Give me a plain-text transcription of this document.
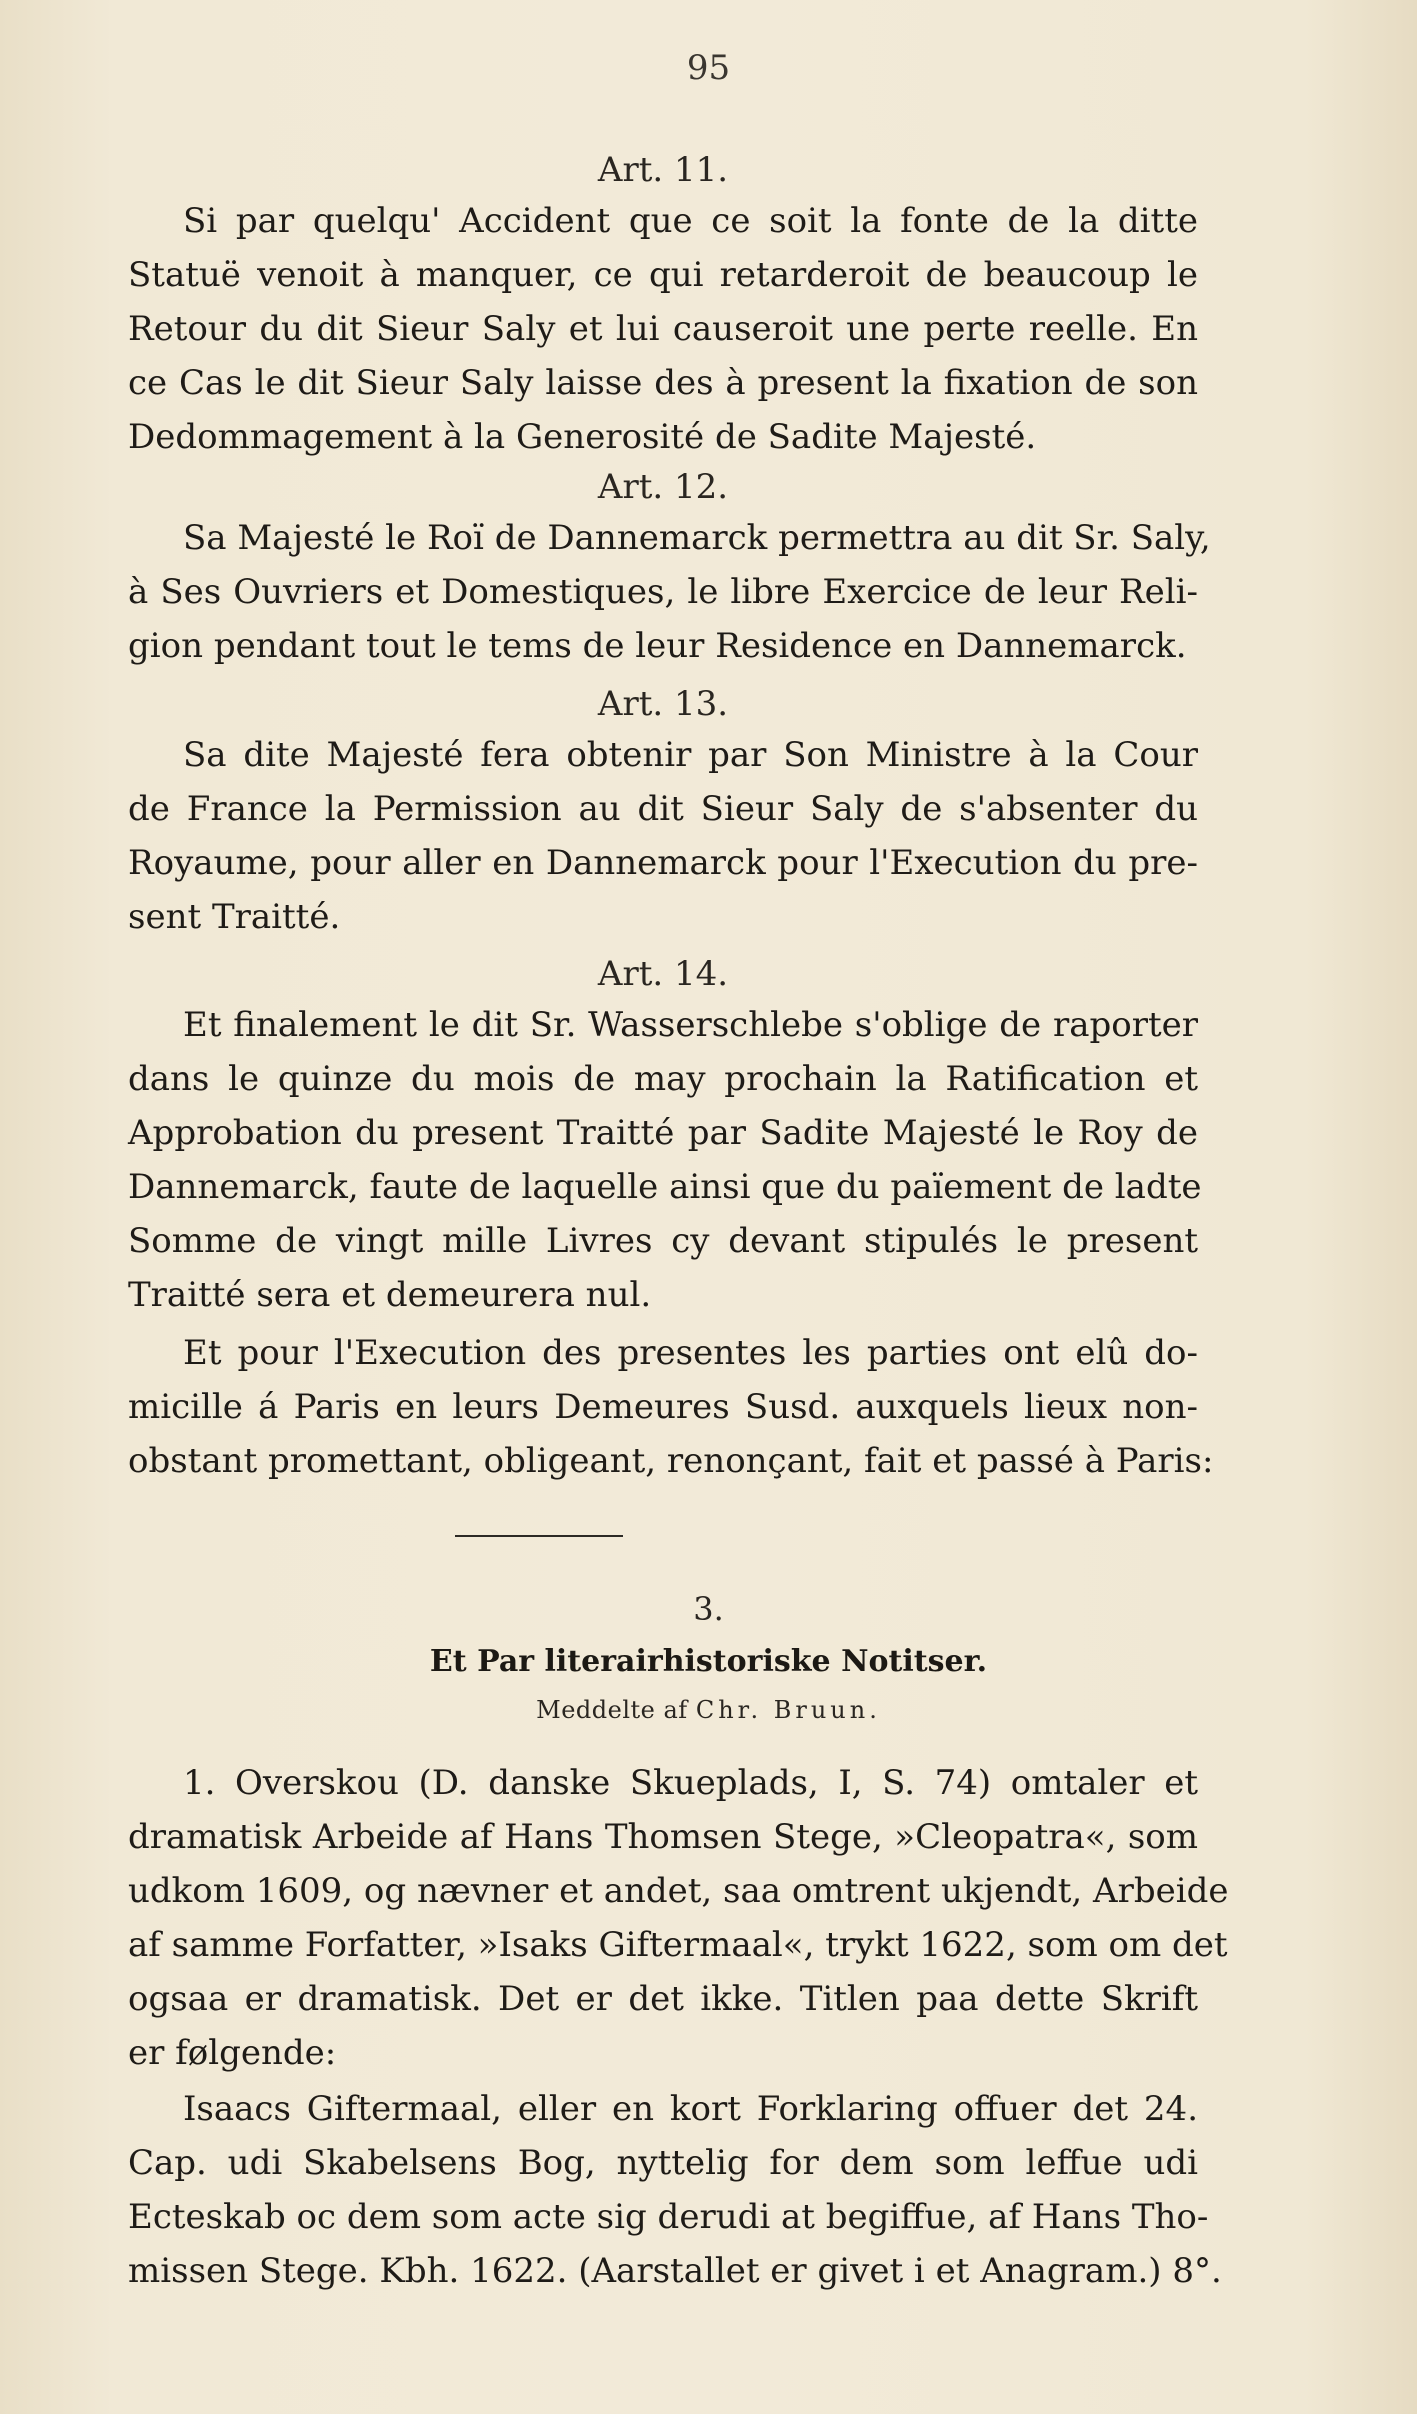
95
Art. 11.
Si par quelqu' Accident que ce soit la fonte de la ditte
Statuë venoit à manquer, ce qui retarderoit de beaucoup le
Retour du dit Sieur Saly et lui causeroit une perte reelle. En
ce Cas le dit Sieur Saly laisse des à present la fixation de son
Dedommagement à la Generosité de Sadite Majesté.
Art. 12.
Sa Majesté le Roï de Dannemarck permettra au dit Sr. Saly,
à Ses Ouvriers et Domestiques, le libre Exercice de leur Reli-
gion pendant tout le tems de leur Residence en Dannemarck.
Art. 13.
Sa dite Majesté fera obtenir par Son Ministre à la Cour
de France la Permission au dit Sieur Saly de s'absenter du
Royaume, pour aller en Dannemarck pour l'Execution du pre-
sent Traitté.
Art. 14.
Et finalement le dit Sr. Wasserschlebe s'oblige de raporter
dans le quinze du mois de may prochain la Ratification et
Approbation du present Traitté par Sadite Majesté le Roy de
Dannemarck, faute de laquelle ainsi que du païement de ladte
Somme de vingt mille Livres cy devant stipulés le present
Traitté sera et demeurera nul.
Et pour l'Execution des presentes les parties ont elû do-
micille á Paris en leurs Demeures Susd. auxquels lieux non-
obstant promettant, obligeant, renonçant, fait et passé à Paris:
3.
Et Par literairhistoriske Notitser.
Meddelte af Chr. Bruun.
1. Overskou (D. danske Skueplads, I, S. 74) omtaler et
dramatisk Arbeide af Hans Thomsen Stege, »Cleopatra«, som
udkom 1609, og nævner et andet, saa omtrent ukjendt, Arbeide
af samme Forfatter, »Isaks Giftermaal«, trykt 1622, som om det
ogsaa er dramatisk. Det er det ikke. Titlen paa dette Skrift
er følgende:
Isaacs Giftermaal, eller en kort Forklaring offuer det 24.
Cap. udi Skabelsens Bog, nyttelig for dem som leffue udi
Ecteskab oc dem som acte sig derudi at begiffue, af Hans Tho-
missen Stege. Kbh. 1622. (Aarstallet er givet i et Anagram.) 8°.
